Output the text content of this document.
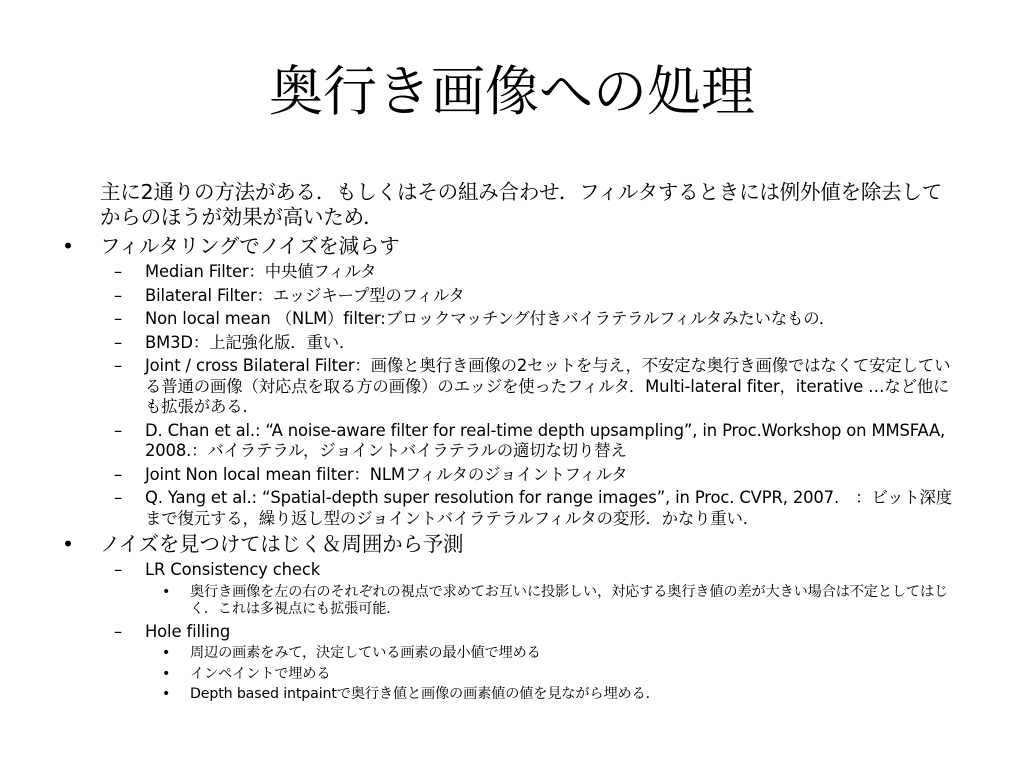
奥行き画像への処理

主に2通りの方法がある．もしくはその組み合わせ．フィルタするときには例外値を除去してからのほうが効果が高いため．

•	フィルタリングでノイズを減らす
–	Median Filter：中央値フィルタ
–	Bilateral Filter：エッジキープ型のフィルタ
–	Non local mean （NLM）filter:ブロックマッチング付きバイラテラルフィルタみたいなもの．
–	BM3D：上記強化版．重い．
–	Joint / cross Bilateral Filter：画像と奥行き画像の2セットを与え，不安定な奥行き画像ではなくて安定している普通の画像（対応点を取る方の画像）のエッジを使ったフィルタ．Multi-lateral fiter，iterative …など他にも拡張がある．
–	D. Chan et al.: “A noise-aware filter for real-time depth upsampling”, in Proc.Workshop on MMSFAA, 2008.：バイラテラル，ジョイントバイラテラルの適切な切り替え
–	Joint Non local mean filter：NLMフィルタのジョイントフィルタ
–	Q. Yang et al.: “Spatial-depth super resolution for range images”, in Proc. CVPR, 2007.　：ビット深度まで復元する，繰り返し型のジョイントバイラテラルフィルタの変形．かなり重い．
•	ノイズを見つけてはじく＆周囲から予測
–	LR Consistency check
•	奥行き画像を左の右のそれぞれの視点で求めてお互いに投影しい，対応する奥行き値の差が大きい場合は不定としてはじく．これは多視点にも拡張可能．
–	Hole filling
•	周辺の画素をみて，決定している画素の最小値で埋める
•	インペイントで埋める
•	Depth based intpaintで奥行き値と画像の画素値の値を見ながら埋める．
